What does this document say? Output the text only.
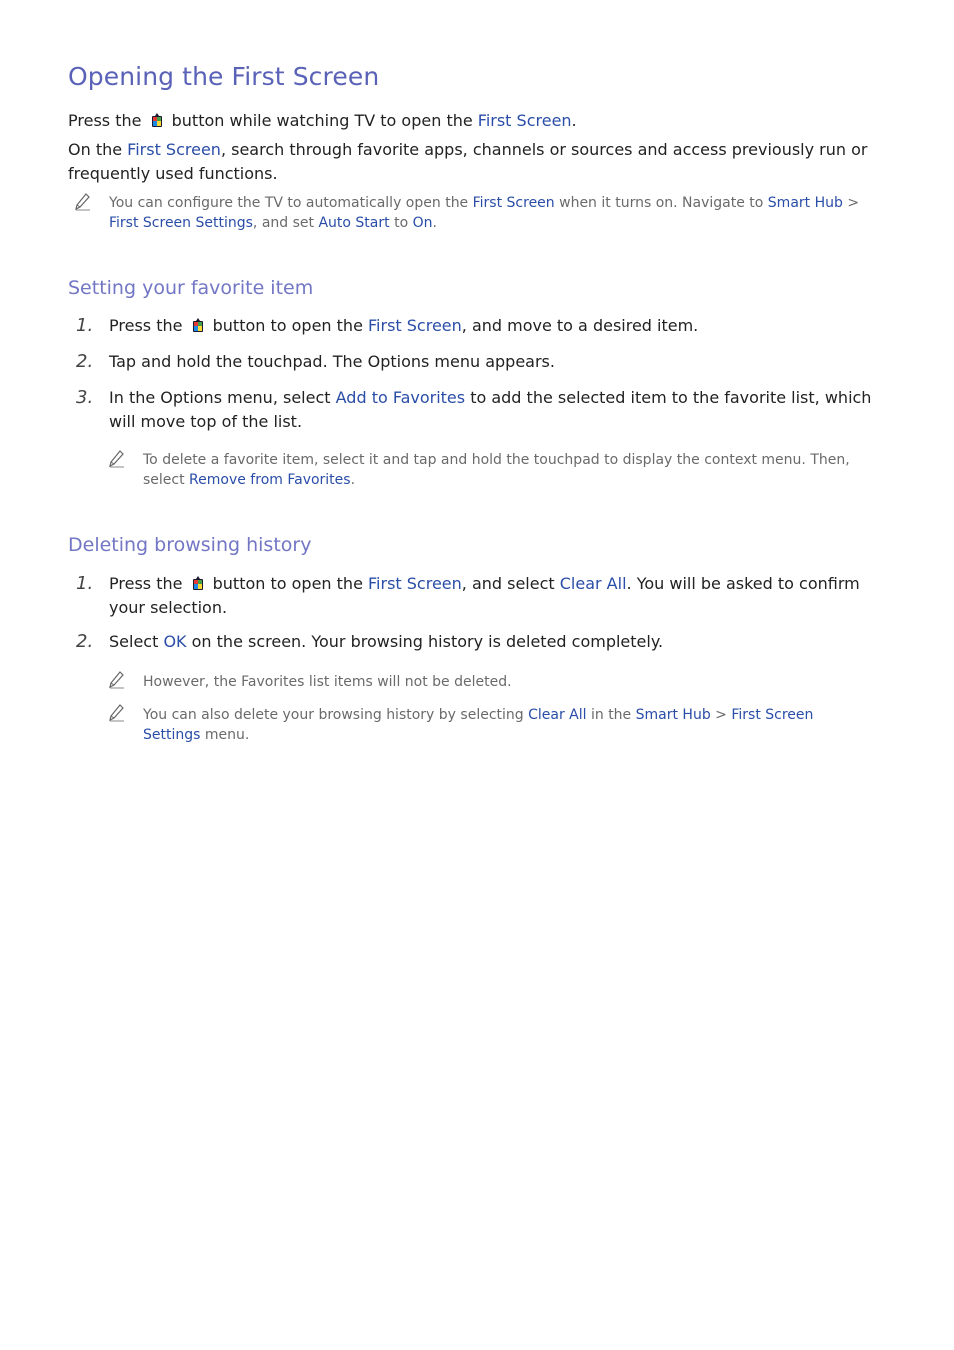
Opening the First Screen
Press the  button while watching TV to open the First Screen.
On the First Screen, search through favorite apps, channels or sources and access previously run or frequently used functions.
You can configure the TV to automatically open the First Screen when it turns on. Navigate to Smart Hub > First Screen Settings, and set Auto Start to On.
Setting your favorite item
1. Press the  button to open the First Screen, and move to a desired item.
2. Tap and hold the touchpad. The Options menu appears.
3. In the Options menu, select Add to Favorites to add the selected item to the favorite list, which will move top of the list.
To delete a favorite item, select it and tap and hold the touchpad to display the context menu. Then, select Remove from Favorites.
Deleting browsing history
1. Press the  button to open the First Screen, and select Clear All. You will be asked to confirm your selection.
2. Select OK on the screen. Your browsing history is deleted completely.
However, the Favorites list items will not be deleted.
You can also delete your browsing history by selecting Clear All in the Smart Hub > First Screen Settings menu.
